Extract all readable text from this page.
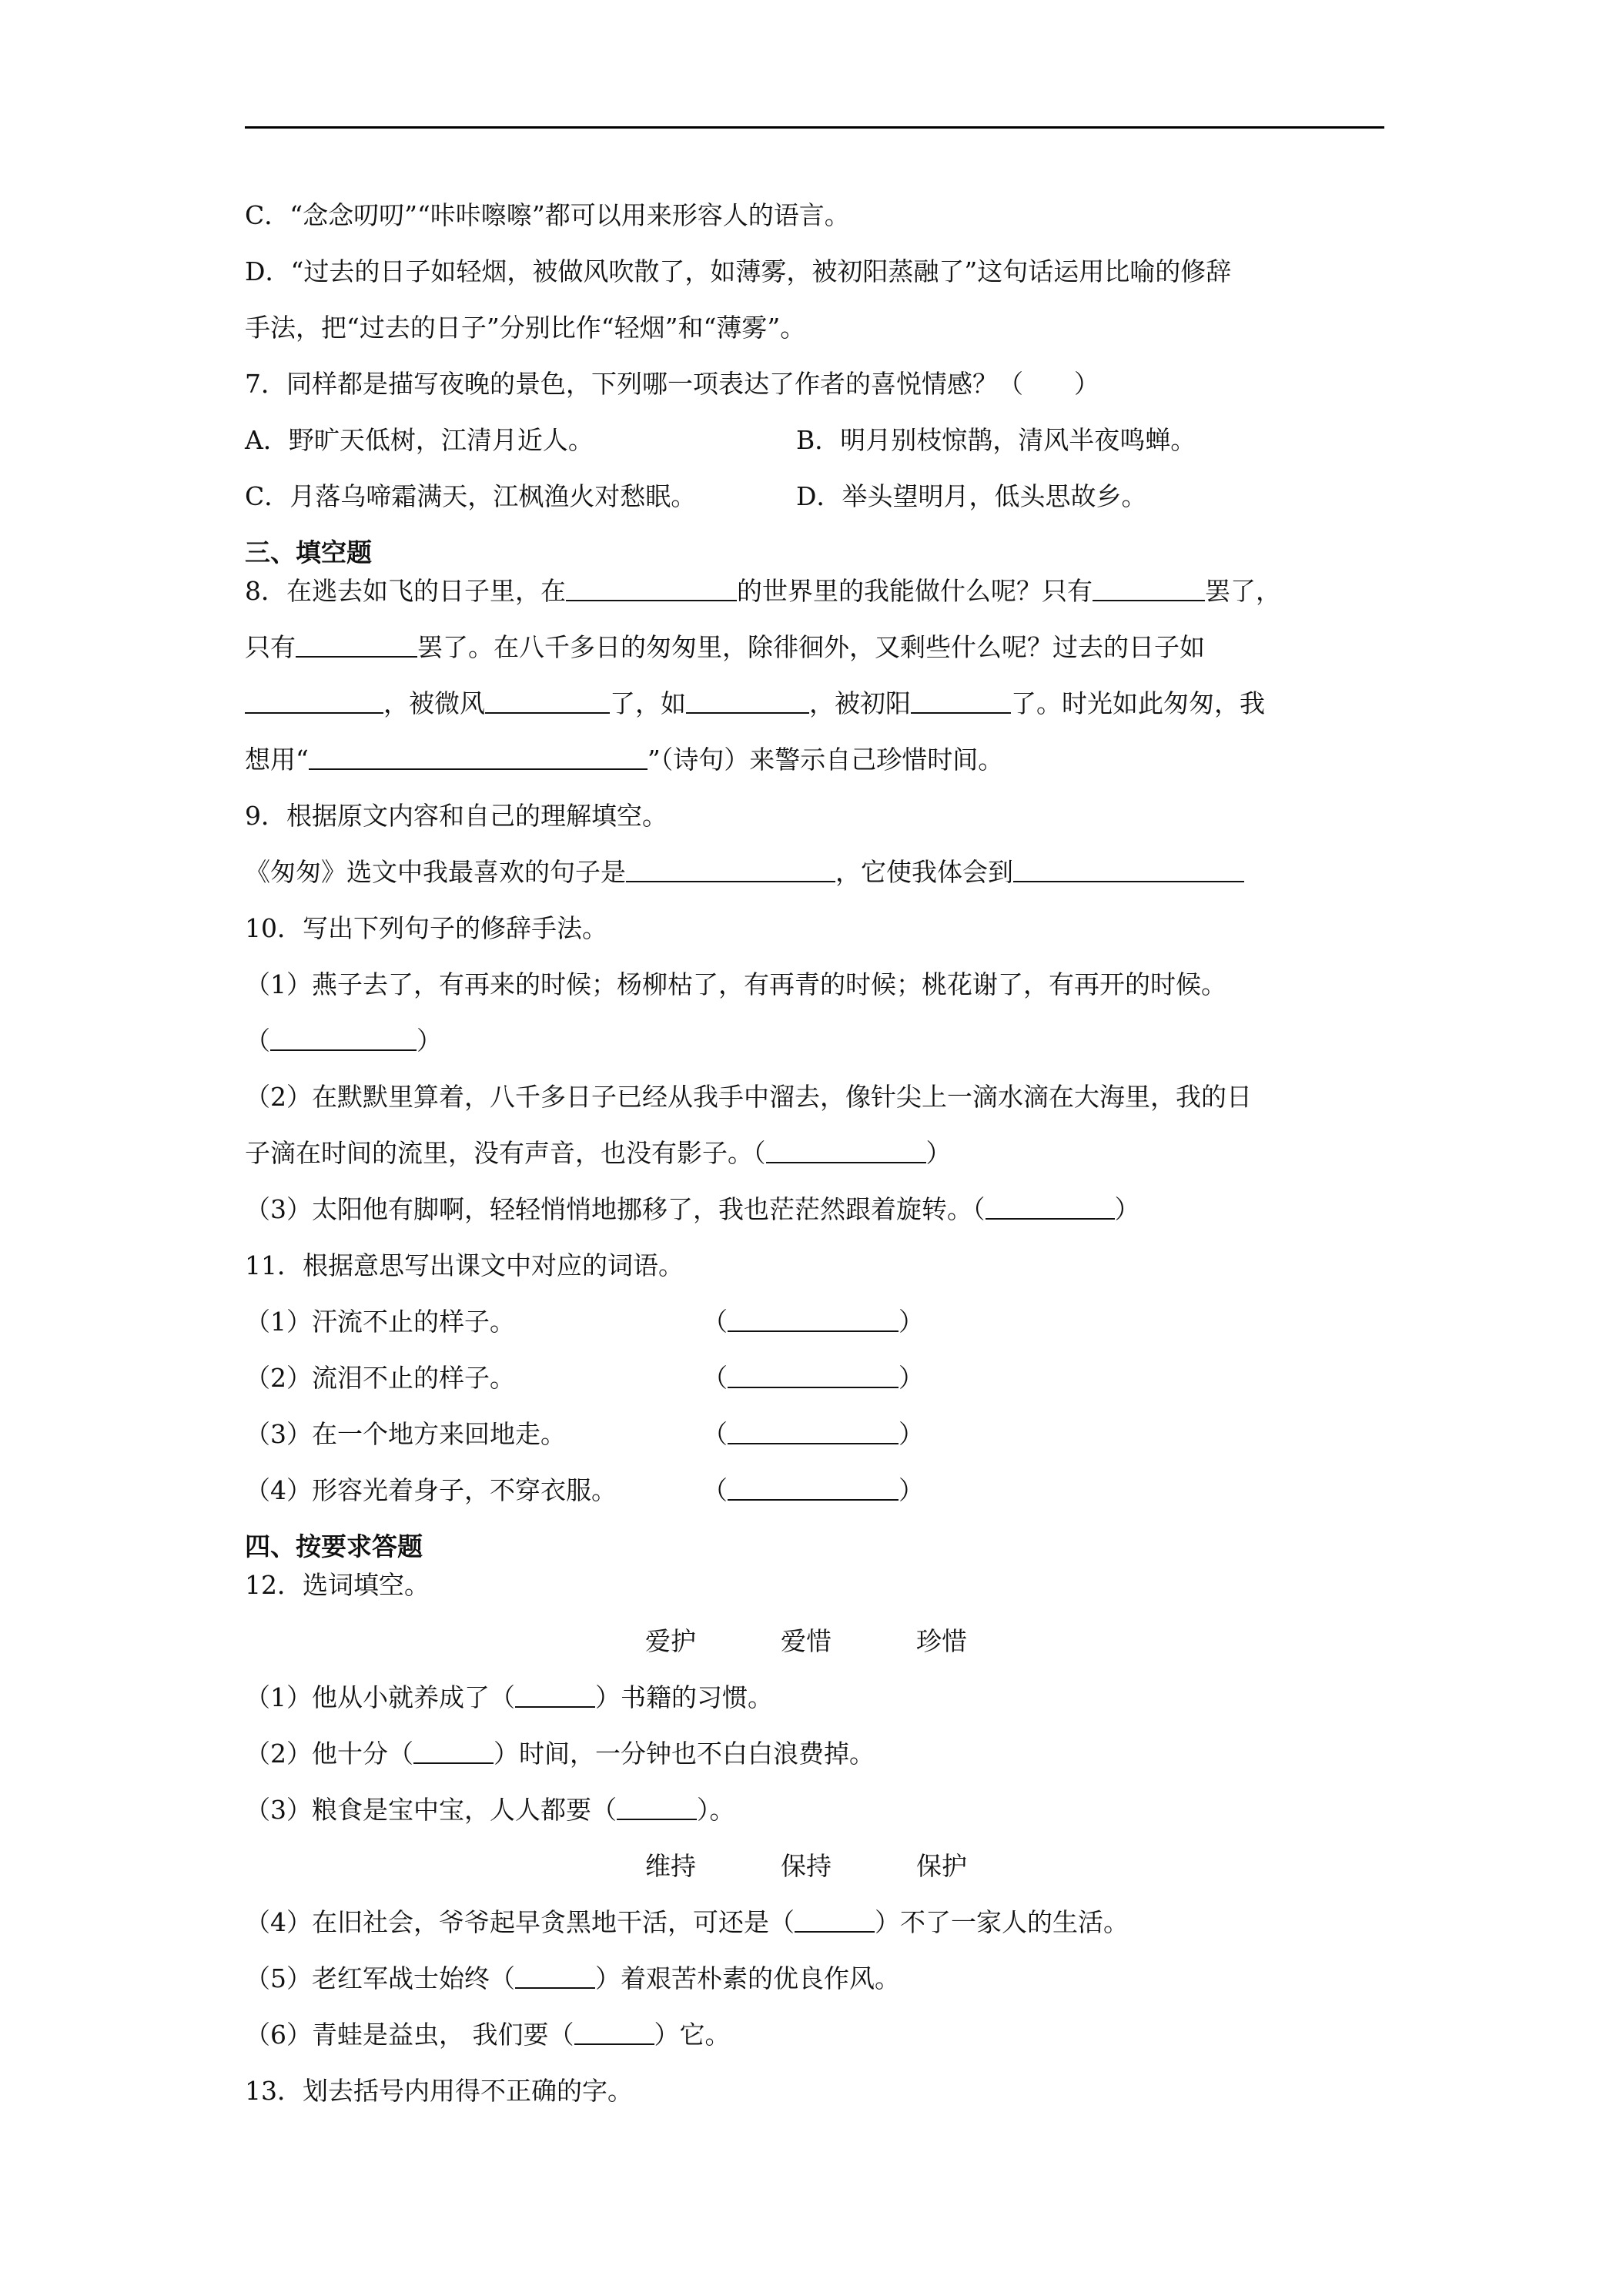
C．“念念叨叨”“咔咔嚓嚓”都可以用来形容人的语言。
D．“过去的日子如轻烟，被做风吹散了，如薄雾，被初阳蒸融了”这句话运用比喻的修辞
手法，把“过去的日子”分别比作“轻烟”和“薄雾”。
7．同样都是描写夜晚的景色，下列哪一项表达了作者的喜悦情感？（　　）
A．野旷天低树，江清月近人。	B．明月别枝惊鹊，清风半夜鸣蝉。
C．月落乌啼霜满天，江枫渔火对愁眠。	D．举头望明月，低头思故乡。
三、填空题
8．在逃去如飞的日子里，在	的世界里的我能做什么呢？只有	罢了，
只有	罢了。在八千多日的匆匆里，除徘徊外，又剩些什么呢？过去的日子如
，被微风	了，如	，被初阳	了。时光如此匆匆，我
想用“	”（诗句）来警示自己珍惜时间。
9．根据原文内容和自己的理解填空。
《匆匆》选文中我最喜欢的句子是	，它使我体会到
10．写出下列句子的修辞手法。
（1）燕子去了，有再来的时候；杨柳枯了，有再青的时候；桃花谢了，有再开的时候。
（	）
（2）在默默里算着，八千多日子已经从我手中溜去，像针尖上一滴水滴在大海里，我的日
子滴在时间的流里，没有声音，也没有影子。（	）
（3）太阳他有脚啊，轻轻悄悄地挪移了，我也茫茫然跟着旋转。（	）
11．根据意思写出课文中对应的词语。
（1）汗流不止的样子。	（	）
（2）流泪不止的样子。	（	）
（3）在一个地方来回地走。	（	）
（4）形容光着身子，不穿衣服。	（	）
四、按要求答题
12．选词填空。
爱护	爱惜	珍惜
（1）他从小就养成了（	）书籍的习惯。
（2）他十分（	）时间，一分钟也不白白浪费掉。
（3）粮食是宝中宝，人人都要（	）。
维持	保持	保护
（4）在旧社会，爷爷起早贪黑地干活，可还是（	）不了一家人的生活。
（5）老红军战士始终（	）着艰苦朴素的优良作风。
（6）青蛙是益虫， 我们要（	）它。
13．划去括号内用得不正确的字。
